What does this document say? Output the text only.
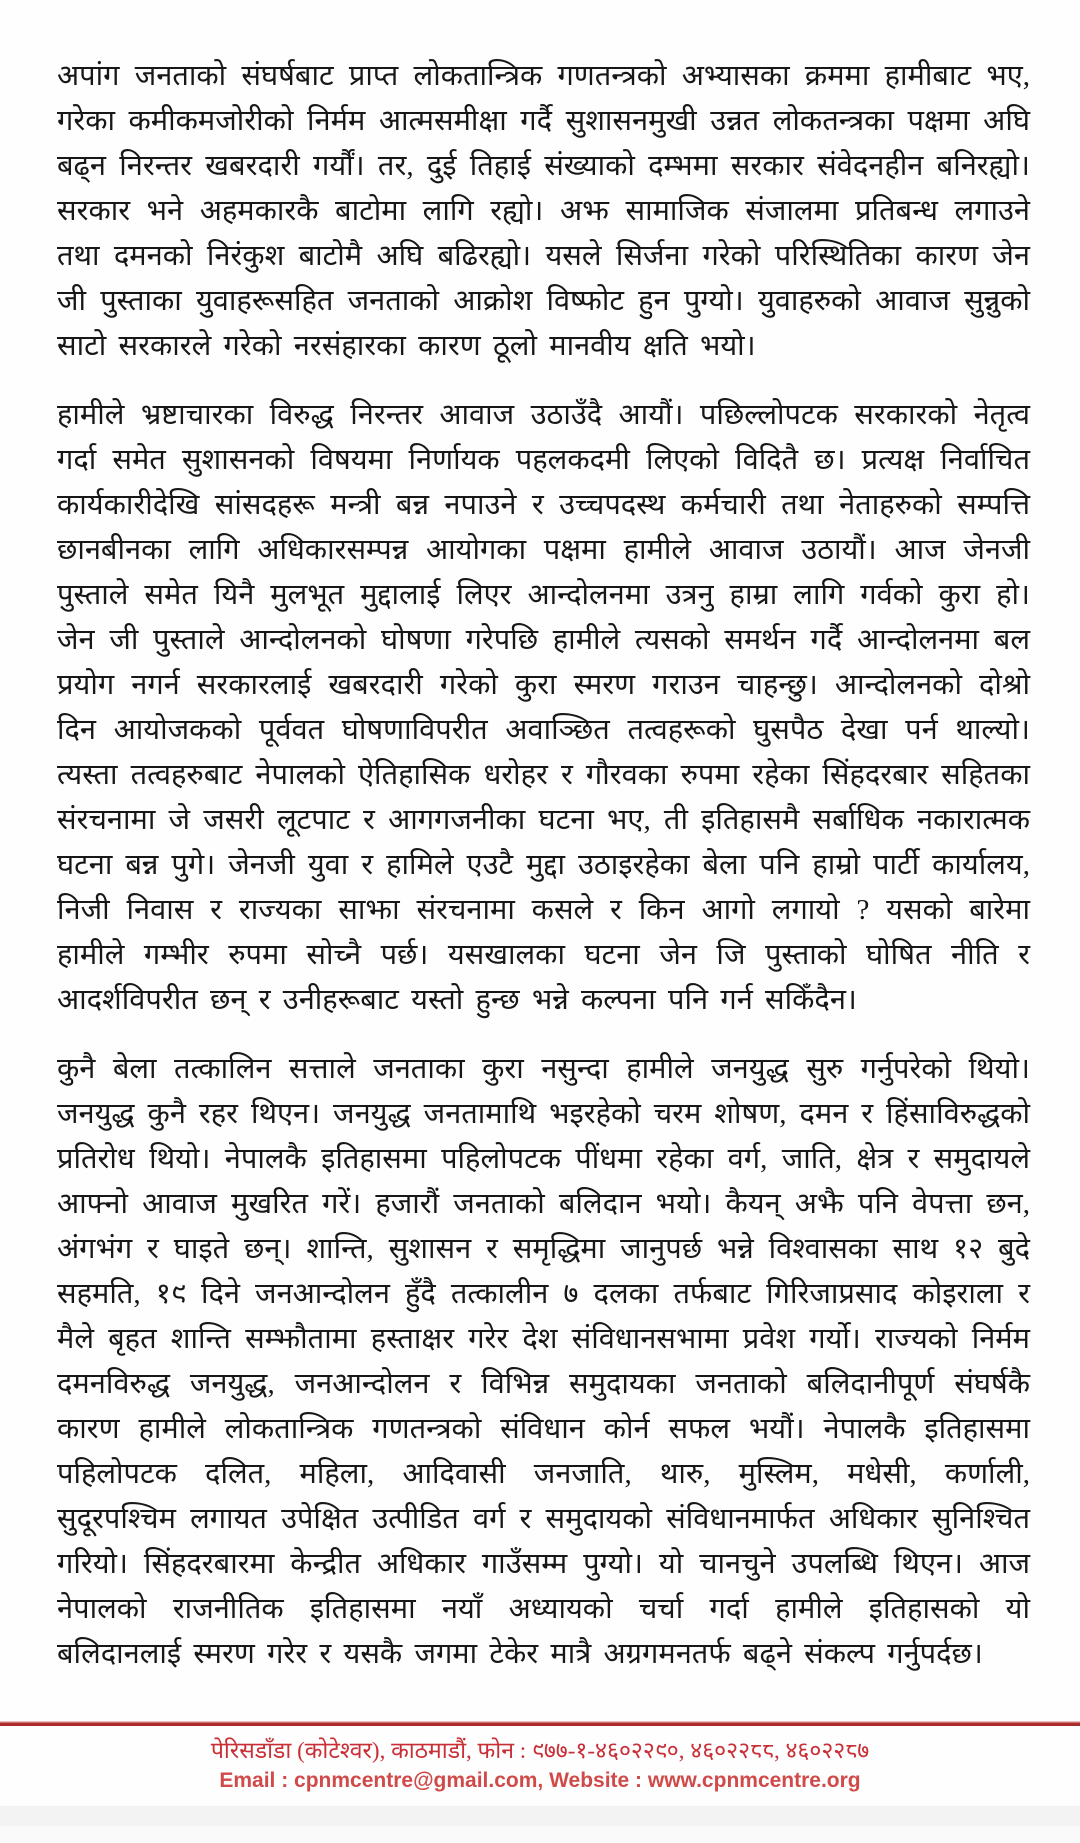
अपांग जनताको संघर्षबाट प्राप्त लोकतान्त्रिक गणतन्त्रको अभ्यासका क्रममा हामीबाट भए, गरेका कमीकमजोरीको निर्मम आत्मसमीक्षा गर्दै सुशासनमुखी उन्नत लोकतन्त्रका पक्षमा अघि बढ्न निरन्तर खबरदारी गर्यौं। तर, दुई तिहाई संख्याको दम्भमा सरकार संवेदनहीन बनिरह्यो। सरकार भने अहमकारकै बाटोमा लागि रह्यो। अझ सामाजिक संजालमा प्रतिबन्ध लगाउने तथा दमनको निरंकुश बाटोमै अघि बढिरह्यो। यसले सिर्जना गरेको परिस्थितिका कारण जेन जी पुस्ताका युवाहरूसहित जनताको आक्रोश विष्फोट हुन पुग्यो। युवाहरुको आवाज सुन्नुको साटो सरकारले गरेको नरसंहारका कारण ठूलो मानवीय क्षति भयो।

हामीले भ्रष्टाचारका विरुद्ध निरन्तर आवाज उठाउँदै आयौं। पछिल्लोपटक सरकारको नेतृत्व गर्दा समेत सुशासनको विषयमा निर्णायक पहलकदमी लिएको विदितै छ। प्रत्यक्ष निर्वाचित कार्यकारीदेखि सांसदहरू मन्त्री बन्न नपाउने र उच्चपदस्थ कर्मचारी तथा नेताहरुको सम्पत्ति छानबीनका लागि अधिकारसम्पन्न आयोगका पक्षमा हामीले आवाज उठायौं। आज जेनजी पुस्ताले समेत यिनै मुलभूत मुद्दालाई लिएर आन्दोलनमा उत्रनु हाम्रा लागि गर्वको कुरा हो। जेन जी पुस्ताले आन्दोलनको घोषणा गरेपछि हामीले त्यसको समर्थन गर्दै आन्दोलनमा बल प्रयोग नगर्न सरकारलाई खबरदारी गरेको कुरा स्मरण गराउन चाहन्छु। आन्दोलनको दोश्रो दिन आयोजकको पूर्ववत घोषणाविपरीत अवाञ्छित तत्वहरूको घुसपैठ देखा पर्न थाल्यो। त्यस्ता तत्वहरुबाट नेपालको ऐतिहासिक धरोहर र गौरवका रुपमा रहेका सिंहदरबार सहितका संरचनामा जे जसरी लूटपाट र आगगजनीका घटना भए, ती इतिहासमै सर्बाधिक नकारात्मक घटना बन्न पुगे। जेनजी युवा र हामिले एउटै मुद्दा उठाइरहेका बेला पनि हाम्रो पार्टी कार्यालय, निजी निवास र राज्यका साझा संरचनामा कसले र किन आगो लगायो ? यसको बारेमा हामीले गम्भीर रुपमा सोच्नै पर्छ। यसखालका घटना जेन जि पुस्ताको घोषित नीति र आदर्शविपरीत छन् र उनीहरूबाट यस्तो हुन्छ भन्ने कल्पना पनि गर्न सकिँदैन।

कुनै बेला तत्कालिन सत्ताले जनताका कुरा नसुन्दा हामीले जनयुद्ध सुरु गर्नुपरेको थियो। जनयुद्ध कुनै रहर थिएन। जनयुद्ध जनतामाथि भइरहेको चरम शोषण, दमन र हिंसाविरुद्धको प्रतिरोध थियो। नेपालकै इतिहासमा पहिलोपटक पींधमा रहेका वर्ग, जाति, क्षेत्र र समुदायले आफ्नो आवाज मुखरित गरें। हजारौं जनताको बलिदान भयो। कैयन् अझै पनि वेपत्ता छन, अंगभंग र घाइते छन्। शान्ति, सुशासन र समृद्धिमा जानुपर्छ भन्ने विश्वासका साथ १२ बुदे सहमति, १९ दिने जनआन्दोलन हुँदै तत्कालीन ७ दलका तर्फबाट गिरिजाप्रसाद कोइराला र मैले बृहत शान्ति सम्झौतामा हस्ताक्षर गरेर देश संविधानसभामा प्रवेश गर्यो। राज्यको निर्मम दमनविरुद्ध जनयुद्ध, जनआन्दोलन र विभिन्न समुदायका जनताको बलिदानीपूर्ण संघर्षकै कारण हामीले लोकतान्त्रिक गणतन्त्रको संविधान कोर्न सफल भयौं। नेपालकै इतिहासमा पहिलोपटक दलित, महिला, आदिवासी जनजाति, थारु, मुस्लिम, मधेसी, कर्णाली, सुदूरपश्चिम लगायत उपेक्षित उत्पीडित वर्ग र समुदायको संविधानमार्फत अधिकार सुनिश्चित गरियो। सिंहदरबारमा केन्द्रीत अधिकार गाउँसम्म पुग्यो। यो चानचुने उपलब्धि थिएन। आज नेपालको राजनीतिक इतिहासमा नयाँ अध्यायको चर्चा गर्दा हामीले इतिहासको यो बलिदानलाई स्मरण गरेर र यसकै जगमा टेकेर मात्रै अग्रगमनतर्फ बढ्ने संकल्प गर्नुपर्दछ।

पेरिसडाँडा (कोटेश्वर), काठमाडौं, फोन : ९७७-१-४६०२२९०, ४६०२२८८, ४६०२२८७
Email : cpnmcentre@gmail.com, Website : www.cpnmcentre.org
